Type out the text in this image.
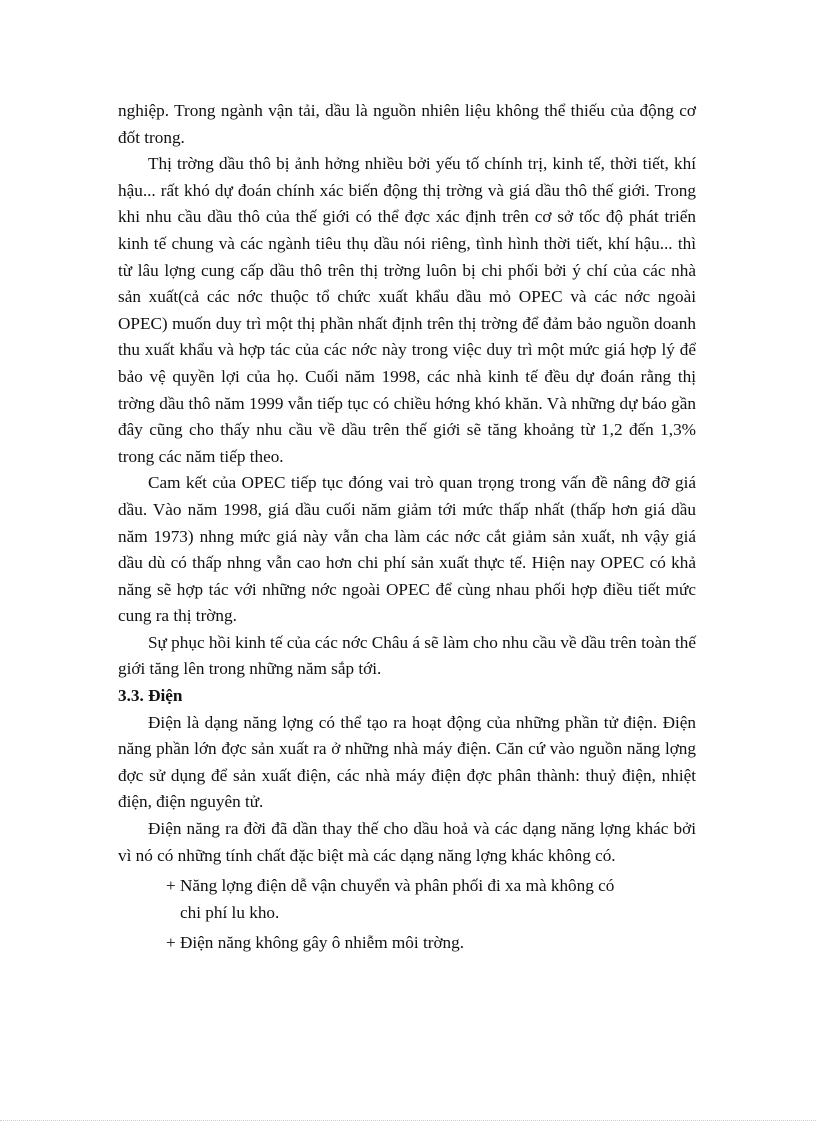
nghiệp. Trong ngành vận tải, dầu là nguồn nhiên liệu không thể thiếu của động cơ đốt trong.

Thị trờng dầu thô bị ảnh hởng nhiều bởi yếu tố chính trị, kinh tế, thời tiết, khí hậu... rất khó dự đoán chính xác biến động thị trờng và giá dầu thô thế giới. Trong khi nhu cầu dầu thô của thế giới có thể đợc xác định trên cơ sở tốc độ phát triển kinh tế chung và các ngành tiêu thụ dầu nói riêng, tình hình thời tiết, khí hậu... thì từ lâu lợng cung cấp dầu thô trên thị trờng luôn bị chi phối bởi ý chí của các nhà sản xuất(cả các nớc thuộc tổ chức xuất khẩu dầu mỏ OPEC và các nớc ngoài OPEC) muốn duy trì một thị phần nhất định trên thị trờng để đảm bảo nguồn doanh thu xuất khẩu và hợp tác của các nớc này trong việc duy trì một mức giá hợp lý để bảo vệ quyền lợi của họ. Cuối năm 1998, các nhà kinh tế đều dự đoán rằng thị trờng dầu thô năm 1999 vẫn tiếp tục có chiều hớng khó khăn. Và những dự báo gần đây cũng cho thấy nhu cầu về dầu trên thế giới sẽ tăng khoảng từ 1,2 đến 1,3% trong các năm tiếp theo.

Cam kết của OPEC tiếp tục đóng vai trò quan trọng trong vấn đề nâng đỡ giá dầu. Vào năm 1998, giá dầu cuối năm giảm tới mức thấp nhất (thấp hơn giá dầu năm 1973) nhng mức giá này vẫn cha làm các nớc cắt giảm sản xuất, nh vậy giá dầu dù có thấp nhng vẫn cao hơn chi phí sản xuất thực tế. Hiện nay OPEC có khả năng sẽ hợp tác với những nớc ngoài OPEC để cùng nhau phối hợp điều tiết mức cung ra thị trờng.

Sự phục hồi kinh tế của các nớc Châu á sẽ làm cho nhu cầu về dầu trên toàn thế giới tăng lên trong những năm sắp tới.

3.3. Điện

Điện là dạng năng lợng có thể tạo ra hoạt động của những phần tử điện. Điện năng phần lớn đợc sản xuất ra ở những nhà máy điện. Căn cứ vào nguồn năng lợng đợc sử dụng để sản xuất điện, các nhà máy điện đợc phân thành: thuỷ điện, nhiệt điện, điện nguyên tử.

Điện năng ra đời đã dần thay thế cho dầu hoả và các dạng năng lợng khác bởi vì nó có những tính chất đặc biệt mà các dạng năng lợng khác không có.

+ Năng lợng điện dễ vận chuyển và phân phối đi xa mà không có
chi phí lu kho.
+ Điện năng không gây ô nhiễm môi trờng.
